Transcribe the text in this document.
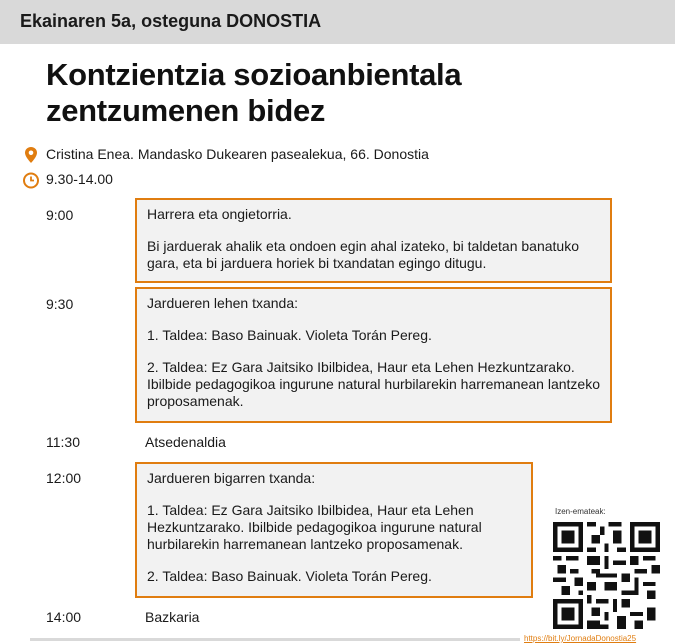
Ekainaren 5a, osteguna DONOSTIA
Kontzientzia sozioanbientala
zentzumenen bidez
Cristina Enea. Mandasko Dukearen pasealekua, 66. Donostia
9.30-14.00
9:00	Harrera eta ongietorria.

Bi jarduerak ahalik eta ondoen egin ahal izateko, bi taldetan banatuko gara, eta bi jarduera horiek bi txandatan egingo ditugu.

9:30	Jardueren lehen txanda:

1. Taldea: Baso Bainuak. Violeta Torán Pereg.

2. Taldea: Ez Gara Jaitsiko Ibilbidea, Haur eta Lehen Hezkuntzarako. Ibilbide pedagogikoa ingurune natural hurbilarekin harremanean lantzeko proposamenak.

11:30	Atsedenaldia
12:00	Jardueren bigarren txanda:

1. Taldea: Ez Gara Jaitsiko Ibilbidea, Haur eta Lehen Hezkuntzarako. Ibilbide pedagogikoa ingurune natural hurbilarekin harremanean lantzeko proposamenak.

2. Taldea: Baso Bainuak. Violeta Torán Pereg.

14:00	Bazkaria
Izen-emateak:
https://bit.ly/JornadaDonostia25
